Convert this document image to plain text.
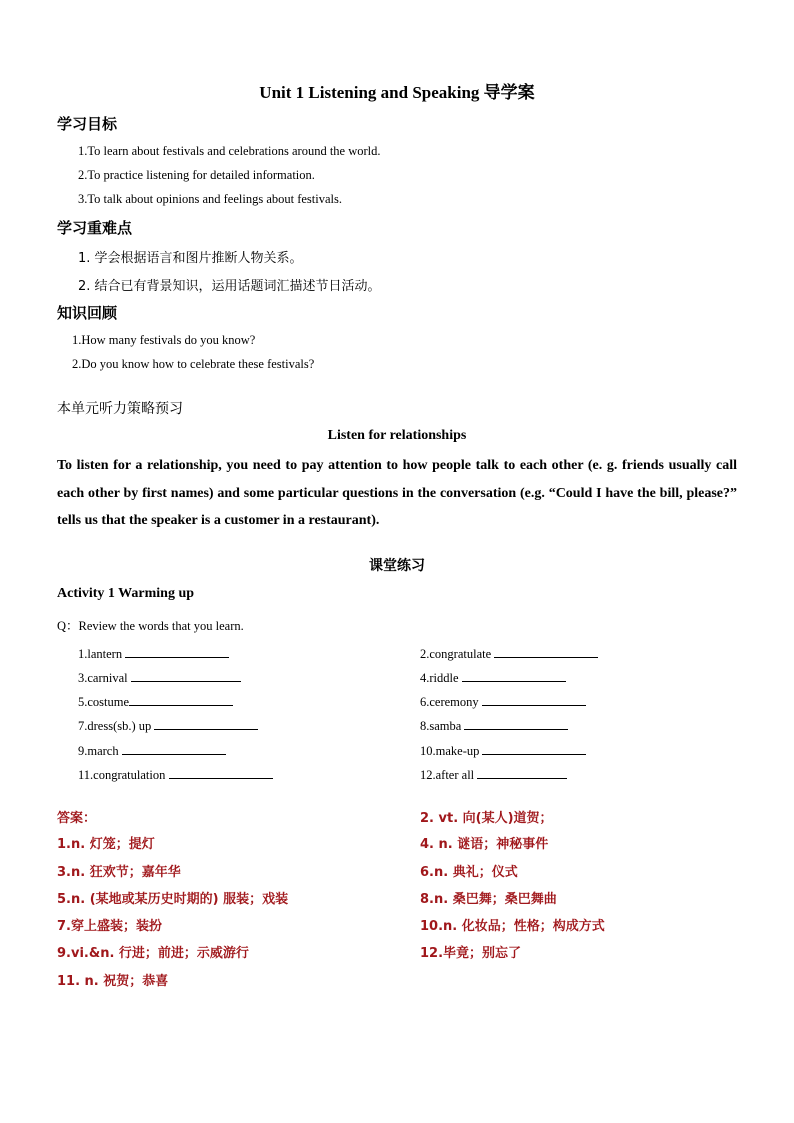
Unit 1 Listening and Speaking 导学案
学习目标
1.To learn about festivals and celebrations around the world.
2.To practice listening for detailed information.
3.To talk about opinions and feelings about festivals.
学习重难点
1. 学会根据语言和图片推断人物关系。
2. 结合已有背景知识，运用话题词汇描述节日活动。
知识回顾
1.How many festivals do you know?
2.Do you know how to celebrate these festivals?
本单元听力策略预习
Listen for relationships
To listen for a relationship, you need to pay attention to how people talk to each other (e. g. friends usually call each other by first names) and some particular questions in the conversation (e.g. “Could I have the bill, please?” tells us that the speaker is a customer in a restaurant).
课堂练习
Activity 1 Warming up
Q：Review the words that you learn.
1.lantern
3.carnival
5.costume
7.dress(sb.) up
9.march
11.congratulation
2.congratulate
4.riddle
6.ceremony
8.samba
10.make-up
12.after all
答案：
1.n. 灯笼；提灯
3.n. 狂欢节；嘉年华
5.n. (某地或某历史时期的) 服装；戏装
7.穿上盛装；装扮
9.vi.&n. 行进；前进；示威游行
11. n. 祝贺；恭喜
2. vt. 向(某人)道贺；
4. n. 谜语；神秘事件
6.n. 典礼；仪式
8.n. 桑巴舞；桑巴舞曲
10.n. 化妆品；性格；构成方式
12.毕竟；别忘了
